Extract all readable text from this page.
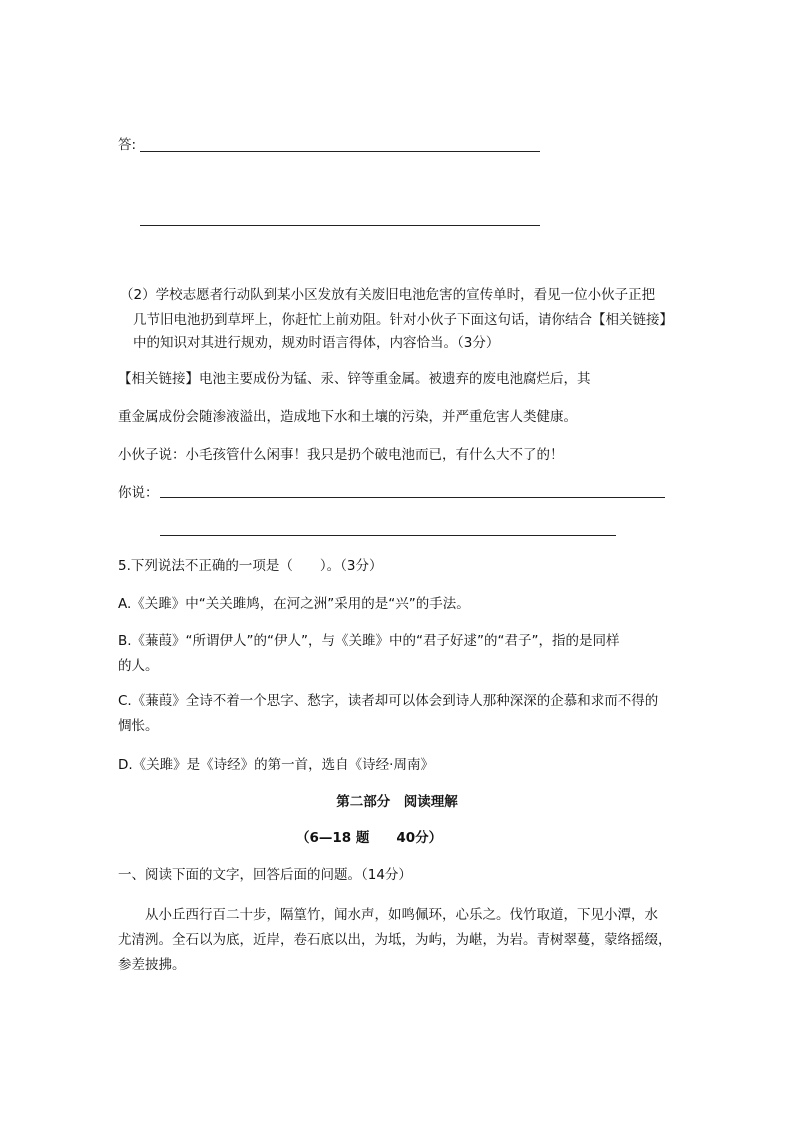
答:
（2）学校志愿者行动队到某小区发放有关废旧电池危害的宣传单时，看见一位小伙子正把
几节旧电池扔到草坪上，你赶忙上前劝阻。针对小伙子下面这句话，请你结合【相关链接】
中的知识对其进行规劝，规劝时语言得体，内容恰当。（3分）
【相关链接】电池主要成份为锰、汞、锌等重金属。被遗弃的废电池腐烂后，其
重金属成份会随渗液溢出，造成地下水和土壤的污染，并严重危害人类健康。
小伙子说：小毛孩管什么闲事！我只是扔个破电池而已，有什么大不了的！
你说：
5.下列说法不正确的一项是（　　）。（3分）
A.《关雎》中“关关雎鸠，在河之洲”采用的是“兴”的手法。
B.《蒹葭》“所谓伊人”的“伊人”，与《关雎》中的“君子好逑”的“君子”，指的是同样
的人。
C.《蒹葭》全诗不着一个思字、愁字，读者却可以体会到诗人那种深深的企慕和求而不得的
惆怅。
D.《关雎》是《诗经》的第一首，选自《诗经·周南》
第二部分　阅读理解
（6—18 题　　40分）
一、阅读下面的文字，回答后面的问题。（14分）
　　从小丘西行百二十步，隔篁竹，闻水声，如鸣佩环，心乐之。伐竹取道，下见小潭，水
尤清洌。全石以为底，近岸，卷石底以出，为坻，为屿，为嵁，为岩。青树翠蔓，蒙络摇缀，
参差披拂。
